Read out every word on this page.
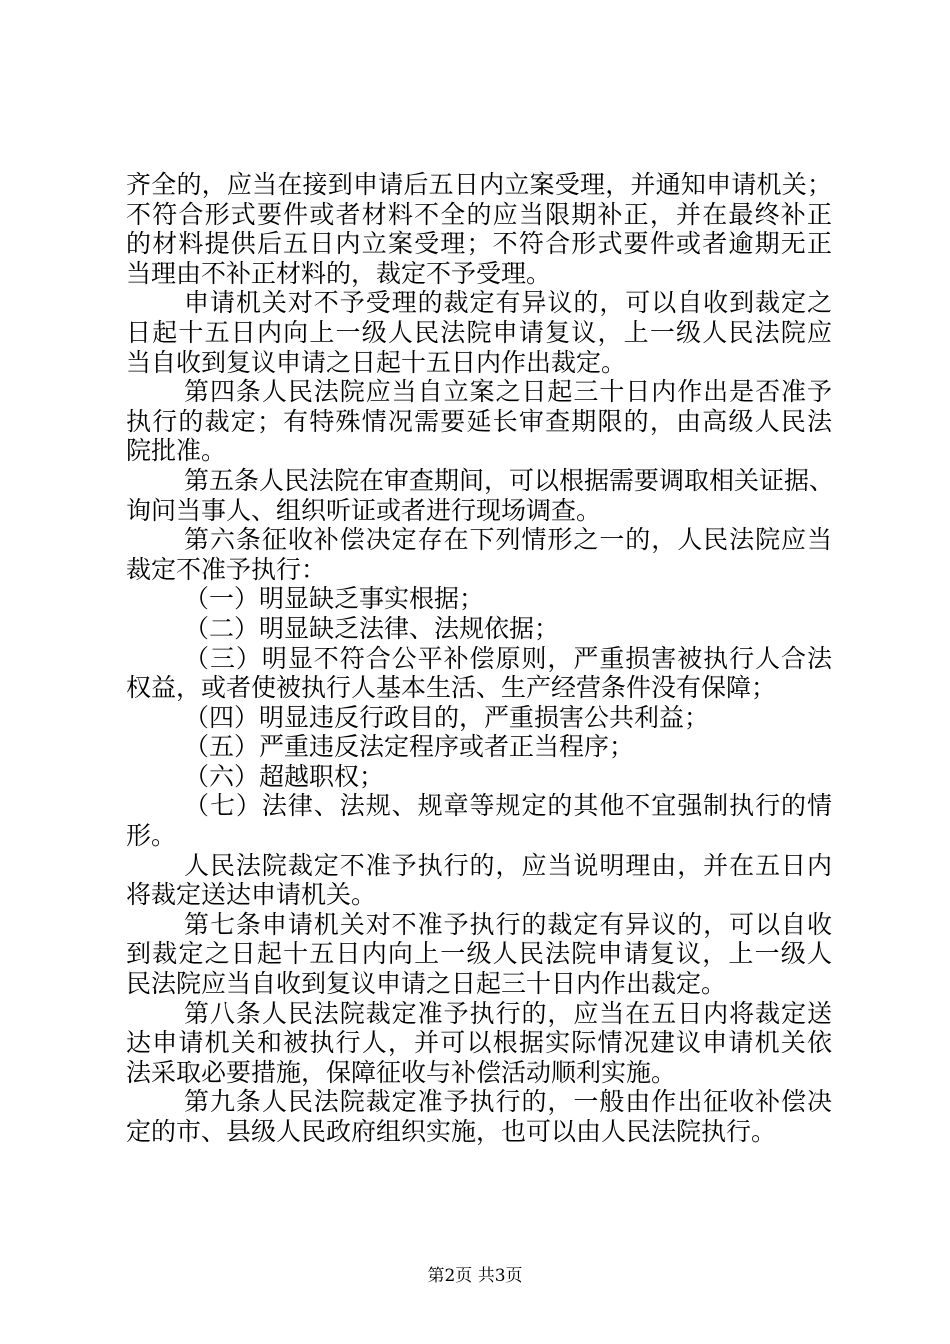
齐全的，应当在接到申请后五日内立案受理，并通知申请机关；
不符合形式要件或者材料不全的应当限期补正，并在最终补正
的材料提供后五日内立案受理；不符合形式要件或者逾期无正
当理由不补正材料的，裁定不予受理。
申请机关对不予受理的裁定有异议的，可以自收到裁定之
日起十五日内向上一级人民法院申请复议，上一级人民法院应
当自收到复议申请之日起十五日内作出裁定。
第四条人民法院应当自立案之日起三十日内作出是否准予
执行的裁定；有特殊情况需要延长审查期限的，由高级人民法
院批准。
第五条人民法院在审查期间，可以根据需要调取相关证据、
询问当事人、组织听证或者进行现场调查。
第六条征收补偿决定存在下列情形之一的，人民法院应当
裁定不准予执行：
（一）明显缺乏事实根据；
（二）明显缺乏法律、法规依据；
（三）明显不符合公平补偿原则，严重损害被执行人合法
权益，或者使被执行人基本生活、生产经营条件没有保障；
（四）明显违反行政目的，严重损害公共利益；
（五）严重违反法定程序或者正当程序；
（六）超越职权；
（七）法律、法规、规章等规定的其他不宜强制执行的情
形。
人民法院裁定不准予执行的，应当说明理由，并在五日内
将裁定送达申请机关。
第七条申请机关对不准予执行的裁定有异议的，可以自收
到裁定之日起十五日内向上一级人民法院申请复议，上一级人
民法院应当自收到复议申请之日起三十日内作出裁定。
第八条人民法院裁定准予执行的，应当在五日内将裁定送
达申请机关和被执行人，并可以根据实际情况建议申请机关依
法采取必要措施，保障征收与补偿活动顺利实施。
第九条人民法院裁定准予执行的，一般由作出征收补偿决
定的市、县级人民政府组织实施，也可以由人民法院执行。
第2页 共3页
